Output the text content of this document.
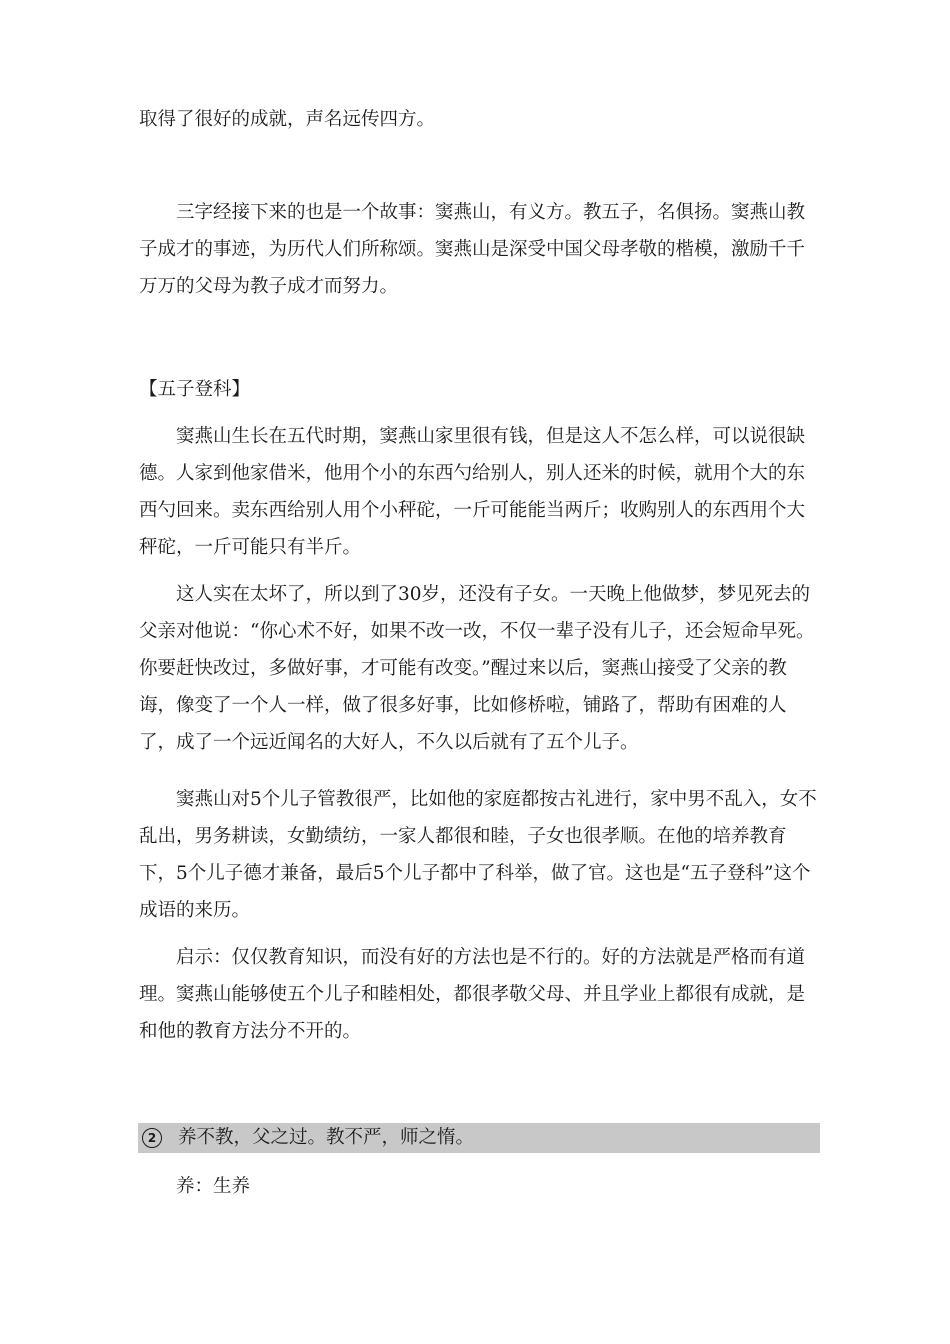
取得了很好的成就，声名远传四方。

三字经接下来的也是一个故事：窦燕山，有义方。教五子，名俱扬。窦燕山教子成才的事迹，为历代人们所称颂。窦燕山是深受中国父母孝敬的楷模，激励千千万万的父母为教子成才而努力。

【五子登科】

窦燕山生长在五代时期，窦燕山家里很有钱，但是这人不怎么样，可以说很缺德。人家到他家借米，他用个小的东西勺给别人，别人还米的时候，就用个大的东西勺回来。卖东西给别人用个小秤砣，一斤可能能当两斤；收购别人的东西用个大秤砣，一斤可能只有半斤。

这人实在太坏了，所以到了30岁，还没有子女。一天晚上他做梦，梦见死去的父亲对他说：“你心术不好，如果不改一改，不仅一辈子没有儿子，还会短命早死。你要赶快改过，多做好事，才可能有改变。”醒过来以后，窦燕山接受了父亲的教诲，像变了一个人一样，做了很多好事，比如修桥啦，铺路了，帮助有困难的人了，成了一个远近闻名的大好人，不久以后就有了五个儿子。

窦燕山对5个儿子管教很严，比如他的家庭都按古礼进行，家中男不乱入，女不乱出，男务耕读，女勤绩纺，一家人都很和睦，子女也很孝顺。在他的培养教育下，5个儿子德才兼备，最后5个儿子都中了科举，做了官。这也是“五子登科”这个成语的来历。

启示：仅仅教育知识，而没有好的方法也是不行的。好的方法就是严格而有道理。窦燕山能够使五个儿子和睦相处，都很孝敬父母、并且学业上都很有成就，是和他的教育方法分不开的。

2	养不教，父之过。教不严，师之惰。

养：生养
